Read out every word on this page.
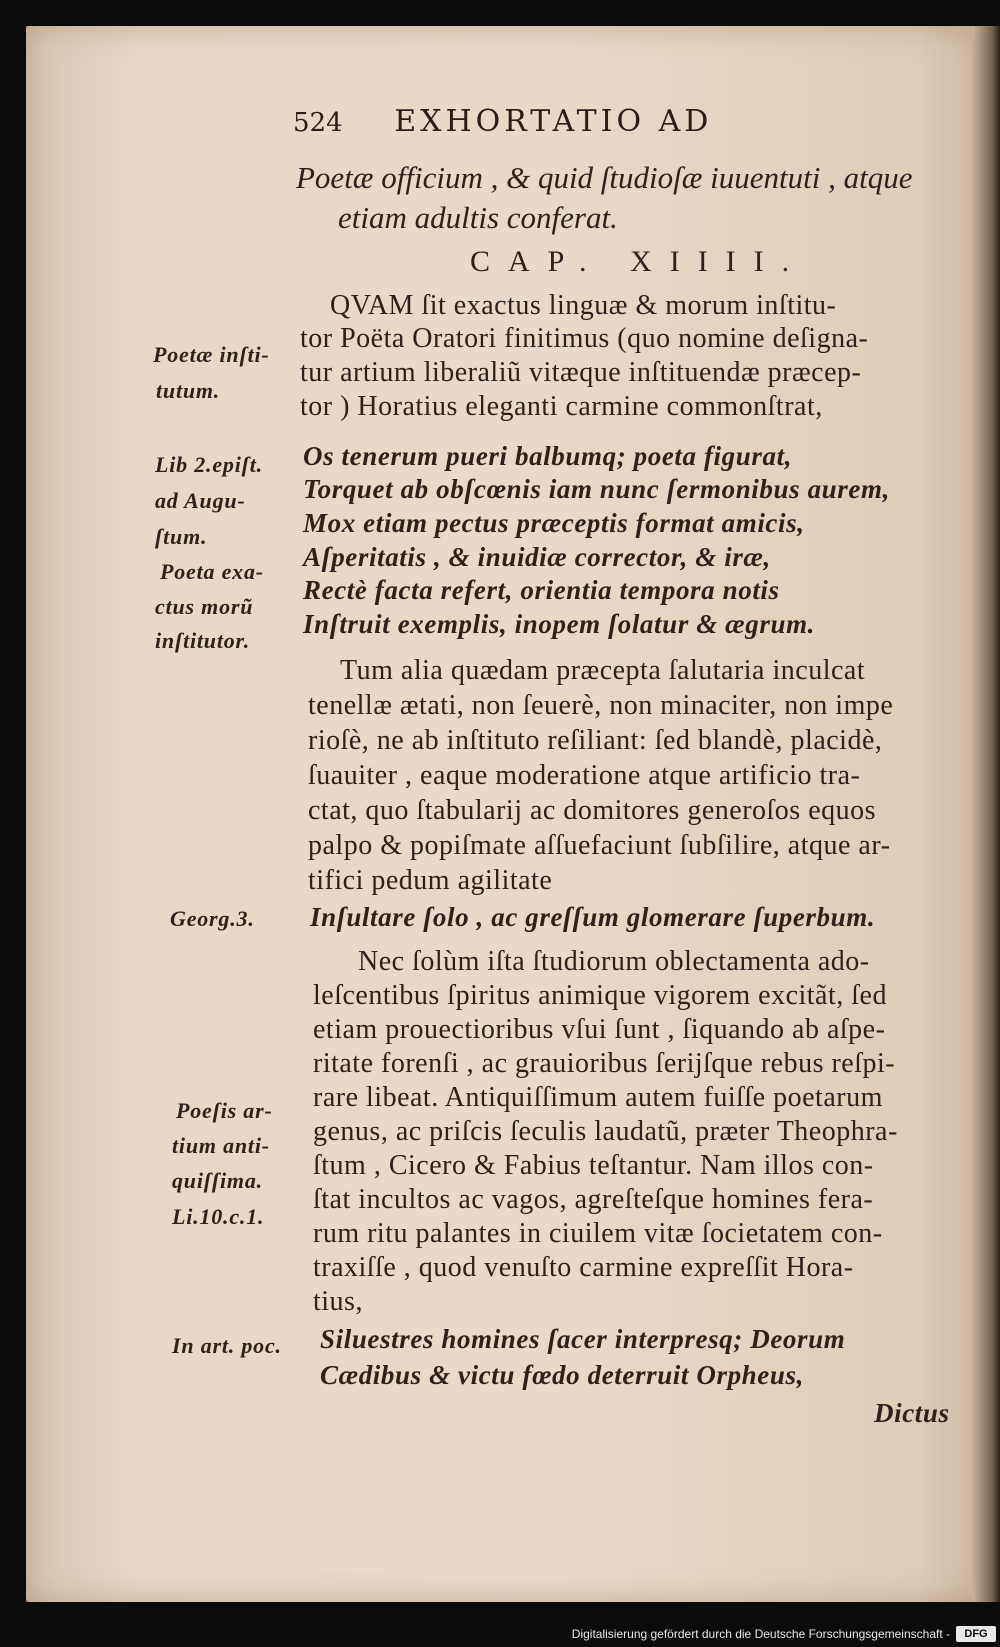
524 EXHORTATIO AD
Poetæ officium , & quid ſtudioſæ iuuentuti , atque
etiam adultis conferat.
CAP. XIIII.
QVAM ſit exactus linguæ & morum inſtitu-
tor Poëta Oratori finitimus (quo nomine deſigna-
tur artium liberaliũ vitæque inſtituendæ præcep-
tor ) Horatius eleganti carmine commonſtrat,
Os tenerum pueri balbumq; poeta figurat,
Torquet ab obſcœnis iam nunc ſermonibus aurem,
Mox etiam pectus præceptis format amicis,
Aſperitatis , & inuidiæ corrector, & iræ,
Rectè facta refert, orientia tempora notis
Inſtruit exemplis, inopem ſolatur & ægrum.
Tum alia quædam præcepta ſalutaria inculcat
tenellæ ætati, non ſeuerè, non minaciter, non impe
rioſè, ne ab inſtituto reſiliant: ſed blandè, placidè,
ſuauiter , eaque moderatione atque artificio tra-
ctat, quo ſtabularij ac domitores generoſos equos
palpo & popiſmate aſſuefaciunt ſubſilire, atque ar-
tifici pedum agilitate
Inſultare ſolo , ac greſſum glomerare ſuperbum.
Nec ſolùm iſta ſtudiorum oblectamenta ado-
leſcentibus ſpiritus animique vigorem excitãt, ſed
etiam prouectioribus vſui ſunt , ſiquando ab aſpe-
ritate forenſi , ac grauioribus ſerijſque rebus reſpi-
rare libeat. Antiquiſſimum autem fuiſſe poetarum
genus, ac priſcis ſeculis laudatũ, præter Theophra-
ſtum , Cicero & Fabius teſtantur. Nam illos con-
ſtat incultos ac vagos, agreſteſque homines fera-
rum ritu palantes in ciuilem vitæ ſocietatem con-
traxiſſe , quod venuſto carmine expreſſit Hora-
tius,
Siluestres homines ſacer interpresq; Deorum
Cædibus & victu fœdo deterruit Orpheus,
Dictus
Poetæ inſti-
tutum.
Lib 2.epiſt.
ad Augu-
ſtum.
Poeta exa-
ctus morũ
inſtitutor.
Georg.3.
Poeſis ar-
tium anti-
quiſſima.
Li.10.c.1.
In art. poc.
Digitalisierung gefördert durch die Deutsche Forschungsgemeinschaft -	DFG
